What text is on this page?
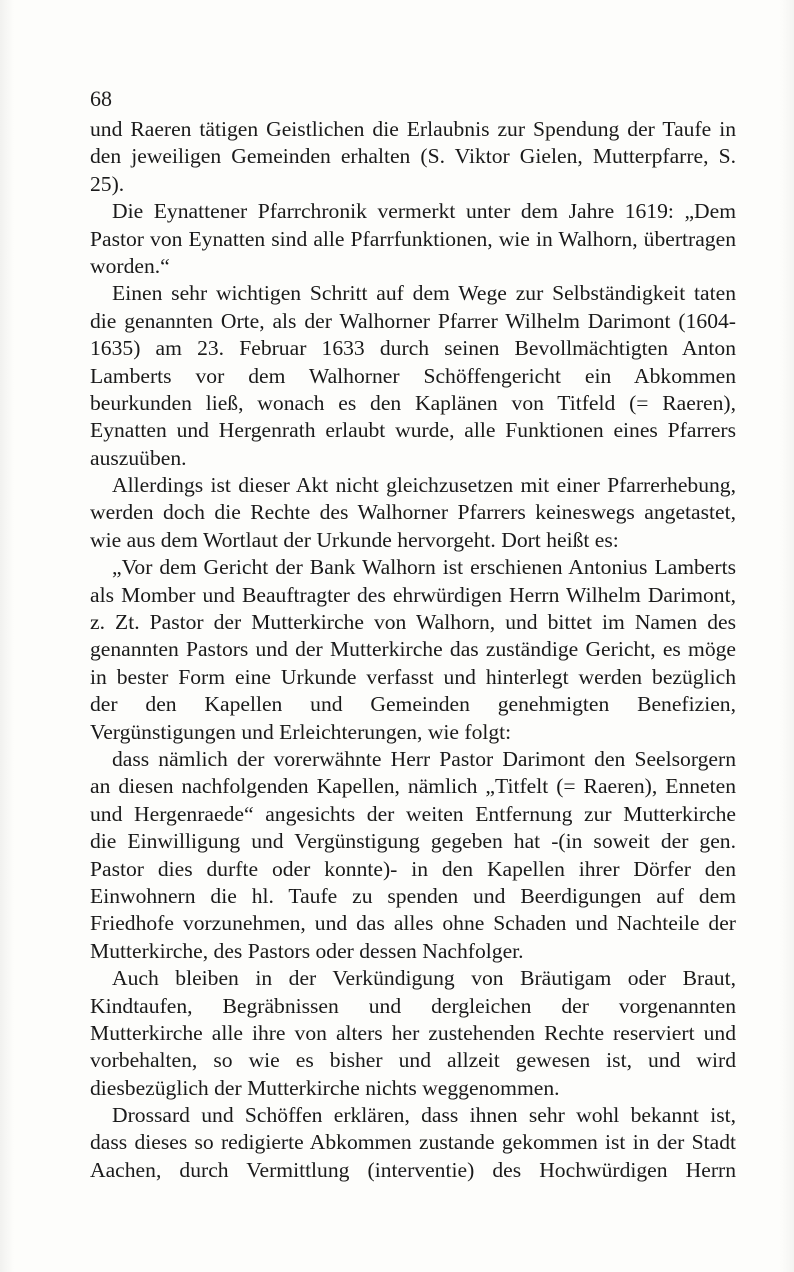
68
und Raeren tätigen Geistlichen die Erlaubnis zur Spendung der Taufe in
den jeweiligen Gemeinden erhalten (S. Viktor Gielen, Mutterpfarre, S.
25).
Die Eynattener Pfarrchronik vermerkt unter dem Jahre 1619: „Dem
Pastor von Eynatten sind alle Pfarrfunktionen, wie in Walhorn, übertragen
worden.“
Einen sehr wichtigen Schritt auf dem Wege zur Selbständigkeit taten
die genannten Orte, als der Walhorner Pfarrer Wilhelm Darimont (1604-
1635) am 23. Februar 1633 durch seinen Bevollmächtigten Anton
Lamberts vor dem Walhorner Schöffengericht ein Abkommen
beurkunden ließ, wonach es den Kaplänen von Titfeld (= Raeren),
Eynatten und Hergenrath erlaubt wurde, alle Funktionen eines Pfarrers
auszuüben.
Allerdings ist dieser Akt nicht gleichzusetzen mit einer Pfarrerhebung,
werden doch die Rechte des Walhorner Pfarrers keineswegs angetastet,
wie aus dem Wortlaut der Urkunde hervorgeht. Dort heißt es:
„Vor dem Gericht der Bank Walhorn ist erschienen Antonius Lamberts
als Momber und Beauftragter des ehrwürdigen Herrn Wilhelm Darimont,
z. Zt. Pastor der Mutterkirche von Walhorn, und bittet im Namen des
genannten Pastors und der Mutterkirche das zuständige Gericht, es möge
in bester Form eine Urkunde verfasst und hinterlegt werden bezüglich
der den Kapellen und Gemeinden genehmigten Benefizien,
Vergünstigungen und Erleichterungen, wie folgt:
dass nämlich der vorerwähnte Herr Pastor Darimont den Seelsorgern
an diesen nachfolgenden Kapellen, nämlich „Titfelt (= Raeren), Enneten
und Hergenraede“ angesichts der weiten Entfernung zur Mutterkirche
die Einwilligung und Vergünstigung gegeben hat -(in soweit der gen.
Pastor dies durfte oder konnte)- in den Kapellen ihrer Dörfer den
Einwohnern die hl. Taufe zu spenden und Beerdigungen auf dem
Friedhofe vorzunehmen, und das alles ohne Schaden und Nachteile der
Mutterkirche, des Pastors oder dessen Nachfolger.
Auch bleiben in der Verkündigung von Bräutigam oder Braut,
Kindtaufen, Begräbnissen und dergleichen der vorgenannten
Mutterkirche alle ihre von alters her zustehenden Rechte reserviert und
vorbehalten, so wie es bisher und allzeit gewesen ist, und wird
diesbezüglich der Mutterkirche nichts weggenommen.
Drossard und Schöffen erklären, dass ihnen sehr wohl bekannt ist,
dass dieses so redigierte Abkommen zustande gekommen ist in der Stadt
Aachen, durch Vermittlung (interventie) des Hochwürdigen Herrn
